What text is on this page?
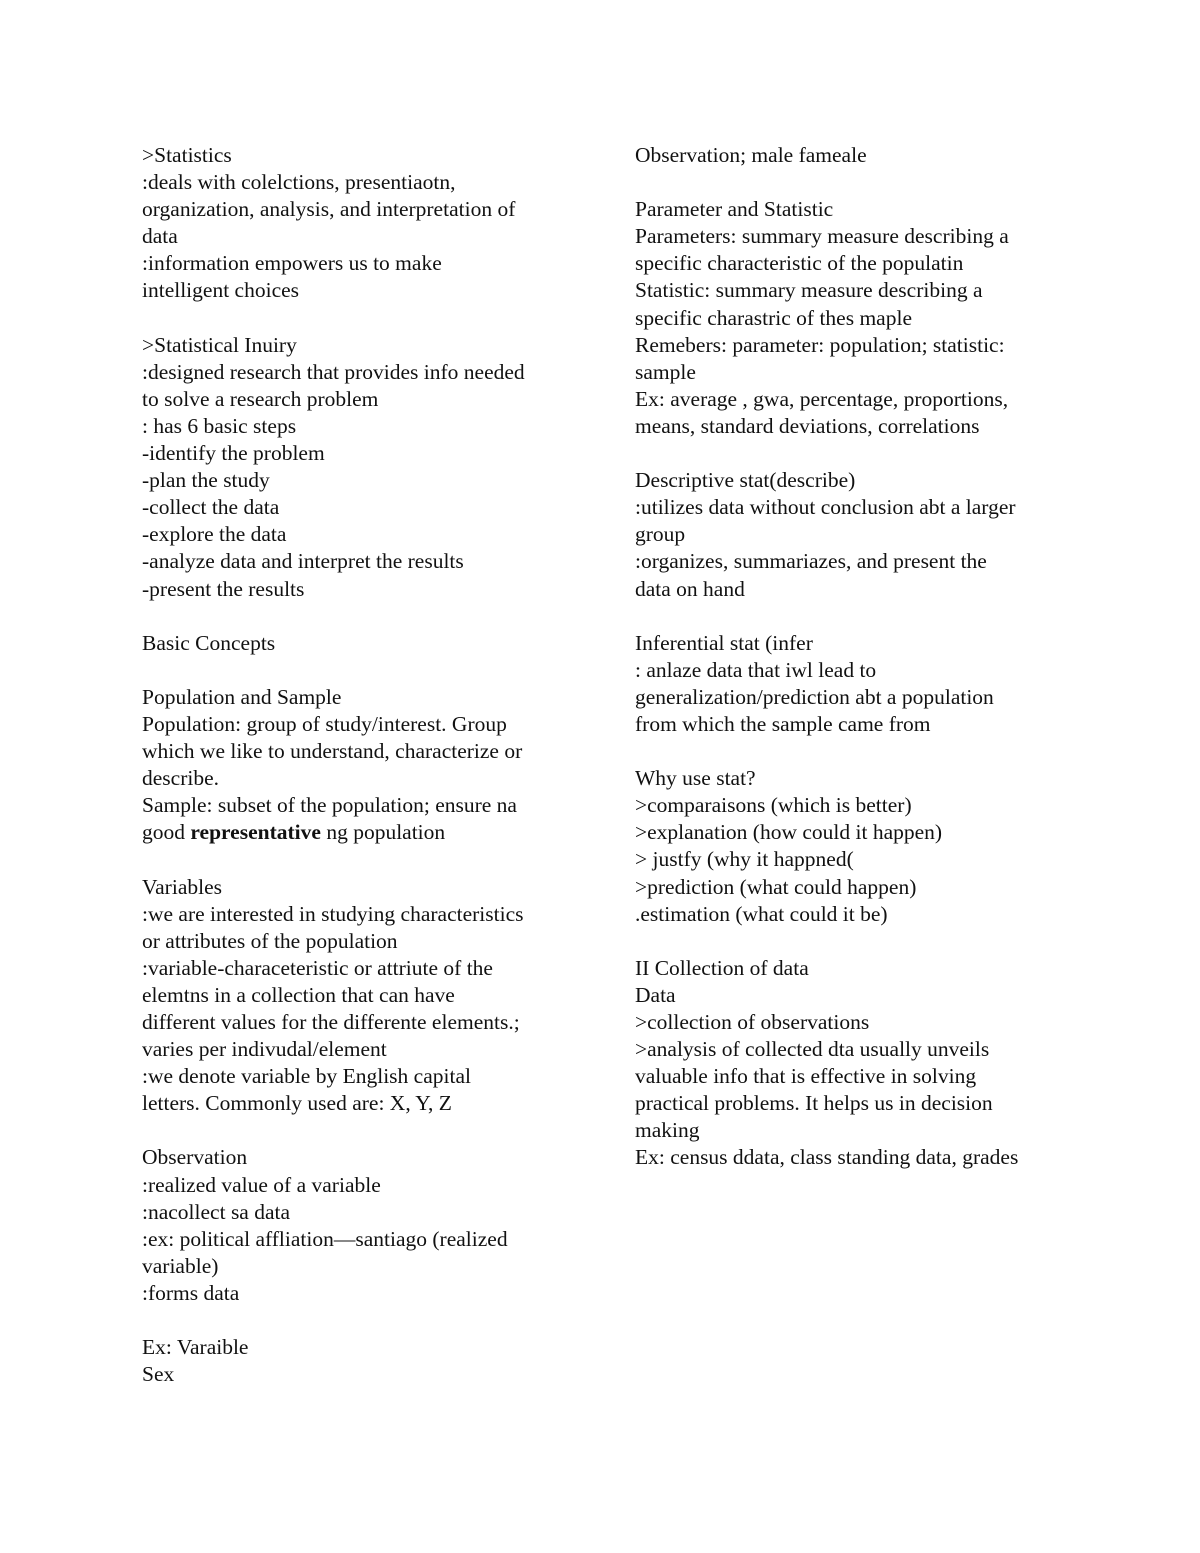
>Statistics
:deals with colelctions, presentiaotn,
organization, analysis, and interpretation of
data
:information empowers us to make
intelligent choices
>Statistical Inuiry
:designed research that provides info needed
to solve a research problem
: has 6 basic steps
-identify the problem
-plan the study
-collect the data
-explore the data
-analyze data and interpret the results
-present the results
Basic Concepts
Population and Sample
Population: group of study/interest. Group
which we like to understand, characterize or
describe.
Sample: subset of the population; ensure na
good representative ng population
Variables
:we are interested in studying characteristics
or attributes of the population
:variable-characeteristic or attriute of the
elemtns in a collection that can have
different values for the differente elements.;
varies per indivudal/element
:we denote variable by English capital
letters. Commonly used are: X, Y, Z
Observation
:realized value of a variable
:nacollect sa data
:ex: political affliation—santiago (realized
variable)
:forms data
Ex: Varaible
Sex
Observation; male fameale
Parameter and Statistic
Parameters: summary measure describing a
specific characteristic of the populatin
Statistic: summary measure describing a
specific charastric of thes maple
Remebers: parameter: population; statistic:
sample
Ex: average , gwa, percentage, proportions,
means, standard deviations, correlations
Descriptive stat(describe)
:utilizes data without conclusion abt a larger
group
:organizes, summariazes, and present the
data on hand
Inferential stat (infer
: anlaze data that iwl lead to
generalization/prediction abt a population
from which the sample came from
Why use stat?
>comparaisons (which is better)
>explanation (how could it happen)
> justfy (why it happned(
>prediction (what could happen)
.estimation (what could it be)
II Collection of data
Data
>collection of observations
>analysis of collected dta usually unveils
valuable info that is effective in solving
practical problems. It helps us in decision
making
Ex: census ddata, class standing data, grades
